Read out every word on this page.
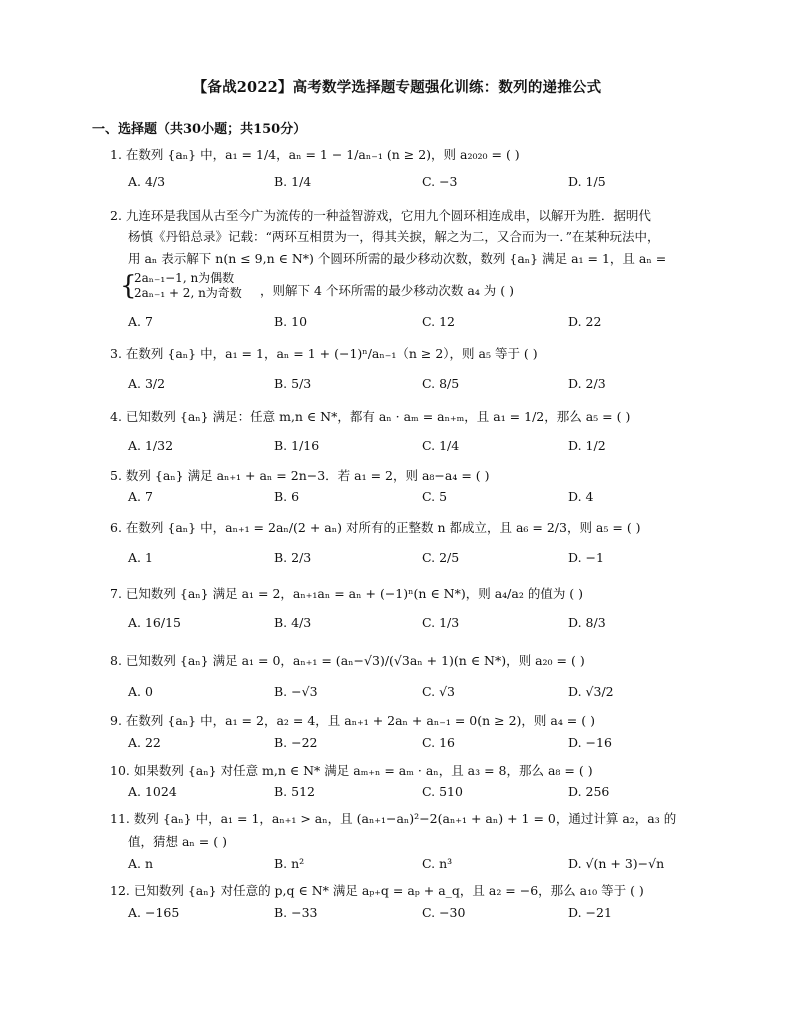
【备战2022】高考数学选择题专题强化训练：数列的递推公式
一、选择题（共30小题；共150分）
1. 在数列 {aₙ} 中，a₁ = 1/4，aₙ = 1 − 1/aₙ₋₁ (n ≥ 2)，则 a₂₀₂₀ = ( )
A. 4/3	B. 1/4	C. −3	D. 1/5
2. 九连环是我国从古至今广为流传的一种益智游戏，它用九个圆环相连成串，以解开为胜．据明代
杨慎《丹铅总录》记载：“两环互相贯为一，得其关捩，解之为二，又合而为一．”在某种玩法中，
用 aₙ 表示解下 n(n ≤ 9,n ∈ N*) 个圆环所需的最少移动次数，数列 {aₙ} 满足 a₁ = 1，且 aₙ =
{
2aₙ₋₁−1, n为偶数
2aₙ₋₁ + 2, n为奇数 ，则解下 4 个环所需的最少移动次数 a₄ 为 ( )
A. 7	B. 10	C. 12	D. 22
3. 在数列 {aₙ} 中，a₁ = 1，aₙ = 1 + (−1)ⁿ/aₙ₋₁（n ≥ 2），则 a₅ 等于 ( )
A. 3/2	B. 5/3	C. 8/5	D. 2/3
4. 已知数列 {aₙ} 满足：任意 m,n ∈ N*，都有 aₙ · aₘ = aₙ₊ₘ，且 a₁ = 1/2，那么 a₅ = ( )
A. 1/32	B. 1/16	C. 1/4	D. 1/2
5. 数列 {aₙ} 满足 aₙ₊₁ + aₙ = 2n−3．若 a₁ = 2，则 a₈−a₄ = ( )
A. 7	B. 6	C. 5	D. 4
6. 在数列 {aₙ} 中，aₙ₊₁ = 2aₙ/(2 + aₙ) 对所有的正整数 n 都成立，且 a₆ = 2/3，则 a₅ = ( )
A. 1	B. 2/3	C. 2/5	D. −1
7. 已知数列 {aₙ} 满足 a₁ = 2，aₙ₊₁aₙ = aₙ + (−1)ⁿ(n ∈ N*)，则 a₄/a₂ 的值为 ( )
A. 16/15	B. 4/3	C. 1/3	D. 8/3
8. 已知数列 {aₙ} 满足 a₁ = 0，aₙ₊₁ = (aₙ−√3)/(√3aₙ + 1)(n ∈ N*)，则 a₂₀ = ( )
A. 0	B. −√3	C. √3	D. √3/2
9. 在数列 {aₙ} 中，a₁ = 2，a₂ = 4，且 aₙ₊₁ + 2aₙ + aₙ₋₁ = 0(n ≥ 2)，则 a₄ = ( )
A. 22	B. −22	C. 16	D. −16
10. 如果数列 {aₙ} 对任意 m,n ∈ N* 满足 aₘ₊ₙ = aₘ · aₙ，且 a₃ = 8，那么 a₈ = ( )
A. 1024	B. 512	C. 510	D. 256
11. 数列 {aₙ} 中，a₁ = 1，aₙ₊₁ > aₙ，且 (aₙ₊₁−aₙ)²−2(aₙ₊₁ + aₙ) + 1 = 0，通过计算 a₂，a₃ 的
值，猜想 aₙ = ( )
A. n	B. n²	C. n³	D. √(n + 3)−√n
12. 已知数列 {aₙ} 对任意的 p,q ∈ N* 满足 aₚ₊q = aₚ + a_q，且 a₂ = −6，那么 a₁₀ 等于 ( )
A. −165	B. −33	C. −30	D. −21
